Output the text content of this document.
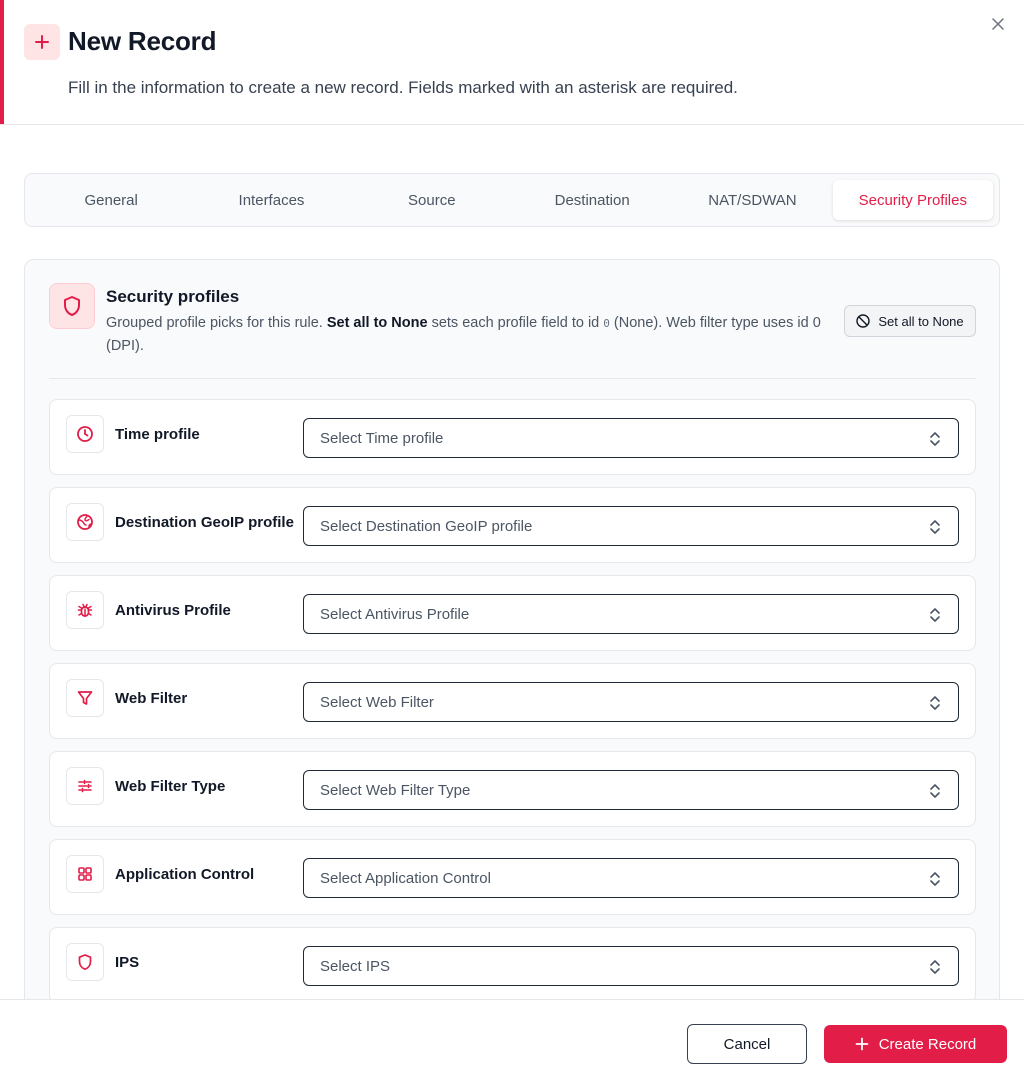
New Record
Fill in the information to create a new record. Fields marked with an asterisk are required.
General	Interfaces	Source	Destination	NAT/SDWAN	Security Profiles
Security profiles
Grouped profile picks for this rule. Set all to None sets each profile field to id 0 (None). Web filter type uses id 0 (DPI).
Set all to None
Time profile	Select Time profile
Destination GeoIP profile Select Destination GeoIP profile
Antivirus Profile	Select Antivirus Profile
Web Filter	Select Web Filter
Web Filter Type	Select Web Filter Type
Application Control	Select Application Control
IPS	Select IPS
Cancel	Create Record
